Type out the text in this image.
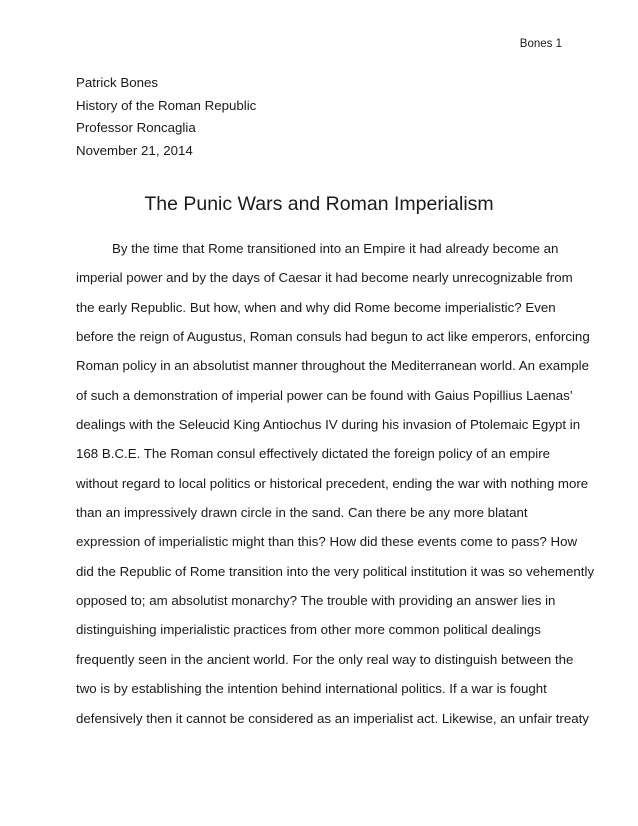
Bones 1
Patrick Bones
History of the Roman Republic
Professor Roncaglia
November 21, 2014
The Punic Wars and Roman Imperialism
By the time that Rome transitioned into an Empire it had already become an
imperial power and by the days of Caesar it had become nearly unrecognizable from
the early Republic. But how, when and why did Rome become imperialistic? Even
before the reign of Augustus, Roman consuls had begun to act like emperors, enforcing
Roman policy in an absolutist manner throughout the Mediterranean world. An example
of such a demonstration of imperial power can be found with Gaius Popillius Laenas’
dealings with the Seleucid King Antiochus IV during his invasion of Ptolemaic Egypt in
168 B.C.E. The Roman consul effectively dictated the foreign policy of an empire
without regard to local politics or historical precedent, ending the war with nothing more
than an impressively drawn circle in the sand. Can there be any more blatant
expression of imperialistic might than this? How did these events come to pass? How
did the Republic of Rome transition into the very political institution it was so vehemently
opposed to; am absolutist monarchy? The trouble with providing an answer lies in
distinguishing imperialistic practices from other more common political dealings
frequently seen in the ancient world. For the only real way to distinguish between the
two is by establishing the intention behind international politics. If a war is fought
defensively then it cannot be considered as an imperialist act. Likewise, an unfair treaty
